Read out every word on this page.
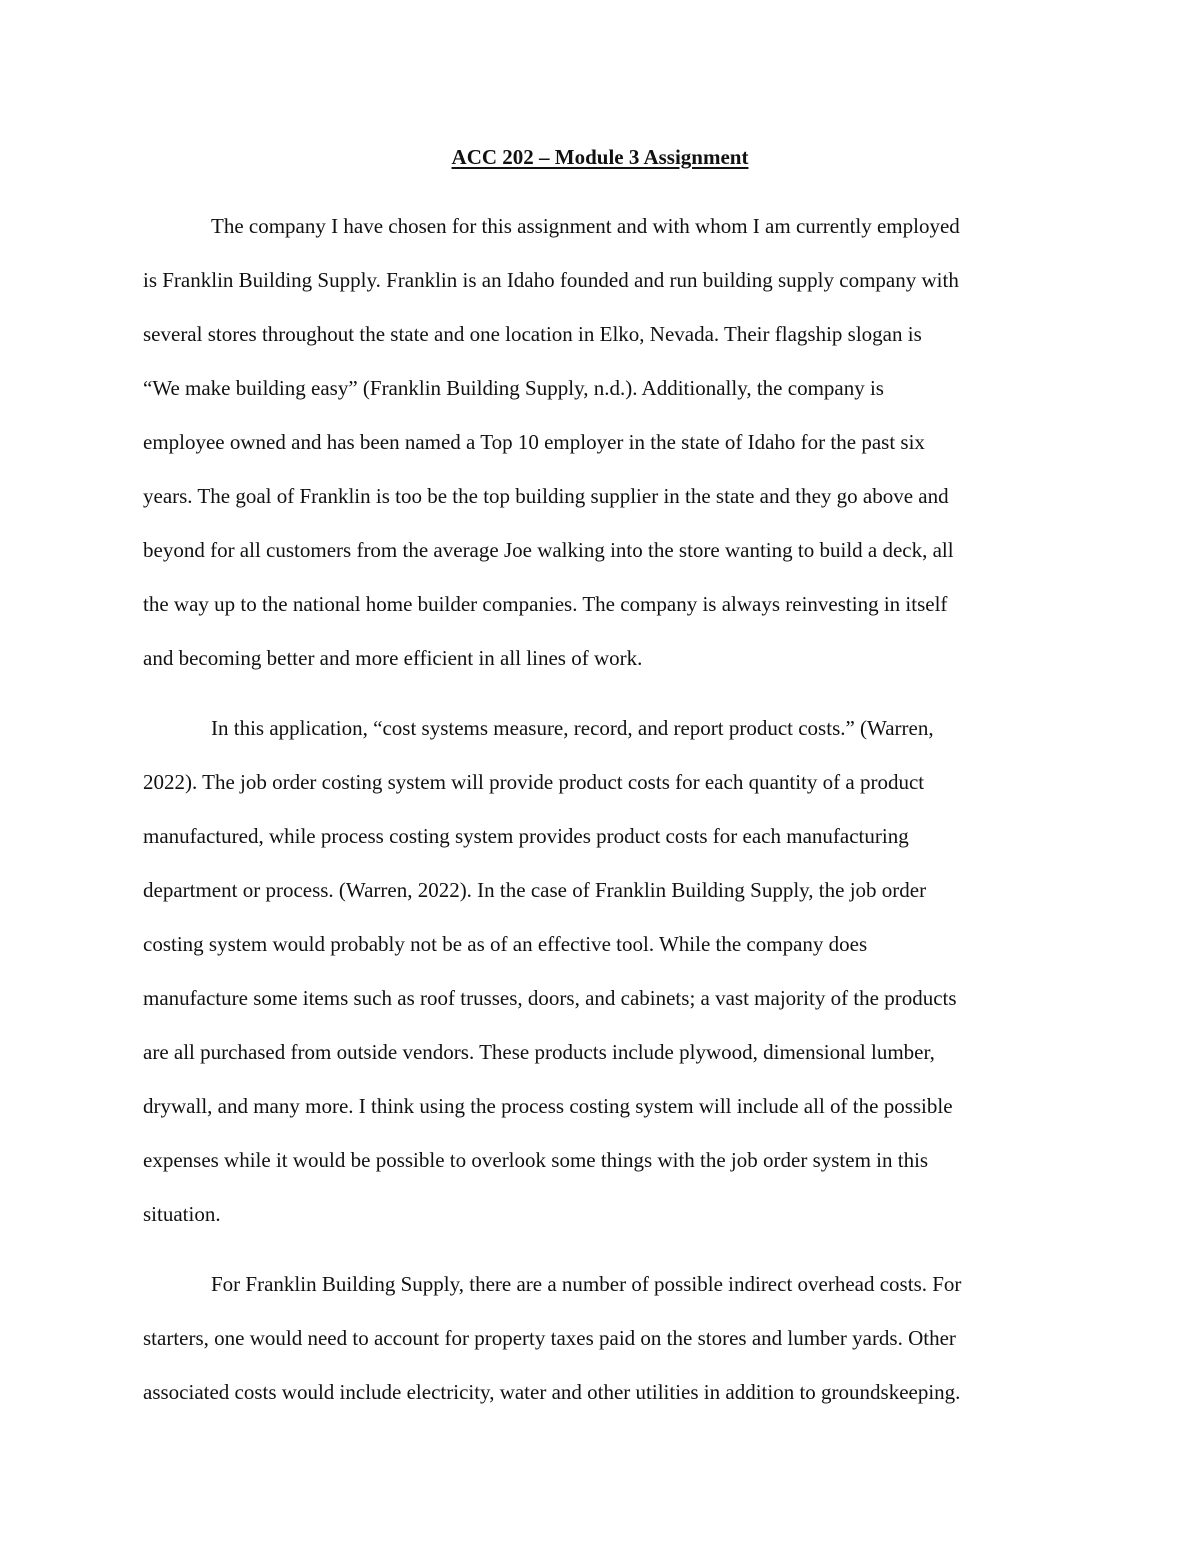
ACC 202 – Module 3 Assignment

The company I have chosen for this assignment and with whom I am currently employed

is Franklin Building Supply. Franklin is an Idaho founded and run building supply company with

several stores throughout the state and one location in Elko, Nevada. Their flagship slogan is

“We make building easy” (Franklin Building Supply, n.d.). Additionally, the company is

employee owned and has been named a Top 10 employer in the state of Idaho for the past six

years. The goal of Franklin is too be the top building supplier in the state and they go above and

beyond for all customers from the average Joe walking into the store wanting to build a deck, all

the way up to the national home builder companies. The company is always reinvesting in itself

and becoming better and more efficient in all lines of work.

In this application, “cost systems measure, record, and report product costs.” (Warren,

2022). The job order costing system will provide product costs for each quantity of a product

manufactured, while process costing system provides product costs for each manufacturing

department or process. (Warren, 2022). In the case of Franklin Building Supply, the job order

costing system would probably not be as of an effective tool. While the company does

manufacture some items such as roof trusses, doors, and cabinets; a vast majority of the products

are all purchased from outside vendors. These products include plywood, dimensional lumber,

drywall, and many more. I think using the process costing system will include all of the possible

expenses while it would be possible to overlook some things with the job order system in this

situation.

For Franklin Building Supply, there are a number of possible indirect overhead costs. For

starters, one would need to account for property taxes paid on the stores and lumber yards. Other

associated costs would include electricity, water and other utilities in addition to groundskeeping.
